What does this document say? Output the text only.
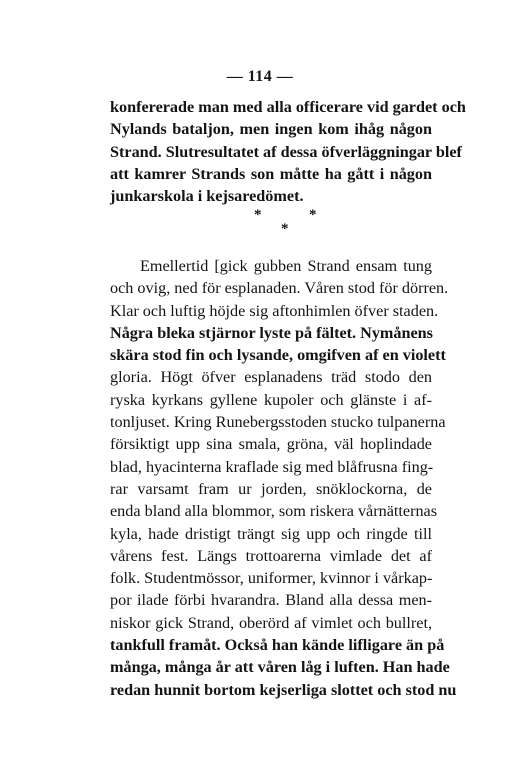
— 114 —
konfererade man med alla officerare vid gardet och
Nylands bataljon, men ingen kom ihåg någon
Strand. Slutresultatet af dessa öfverläggningar blef
att kamrer Strands son måtte ha gått i någon
junkarskola i kejsaredömet.
*	*
*
Emellertid [gick gubben Strand ensam tung
och ovig, ned för esplanaden. Våren stod för dörren.
Klar och luftig höjde sig aftonhimlen öfver staden.
Några bleka stjärnor lyste på fältet. Nymånens
skära stod fin och lysande, omgifven af en violett
gloria. Högt öfver esplanadens träd stodo den
ryska kyrkans gyllene kupoler och glänste i af-
tonljuset. Kring Runebergsstoden stucko tulpanerna
försiktigt upp sina smala, gröna, väl hoplindade
blad, hyacinterna kraflade sig med blåfrusna fing-
rar varsamt fram ur jorden, snöklockorna, de
enda bland alla blommor, som riskera vårnätternas
kyla, hade dristigt trängt sig upp och ringde till
vårens fest. Längs trottoarerna vimlade det af
folk. Studentmössor, uniformer, kvinnor i vårkap-
por ilade förbi hvarandra. Bland alla dessa men-
niskor gick Strand, oberörd af vimlet och bullret,
tankfull framåt. Också han kände lifligare än på
många, många år att våren låg i luften. Han hade
redan hunnit bortom kejserliga slottet och stod nu
